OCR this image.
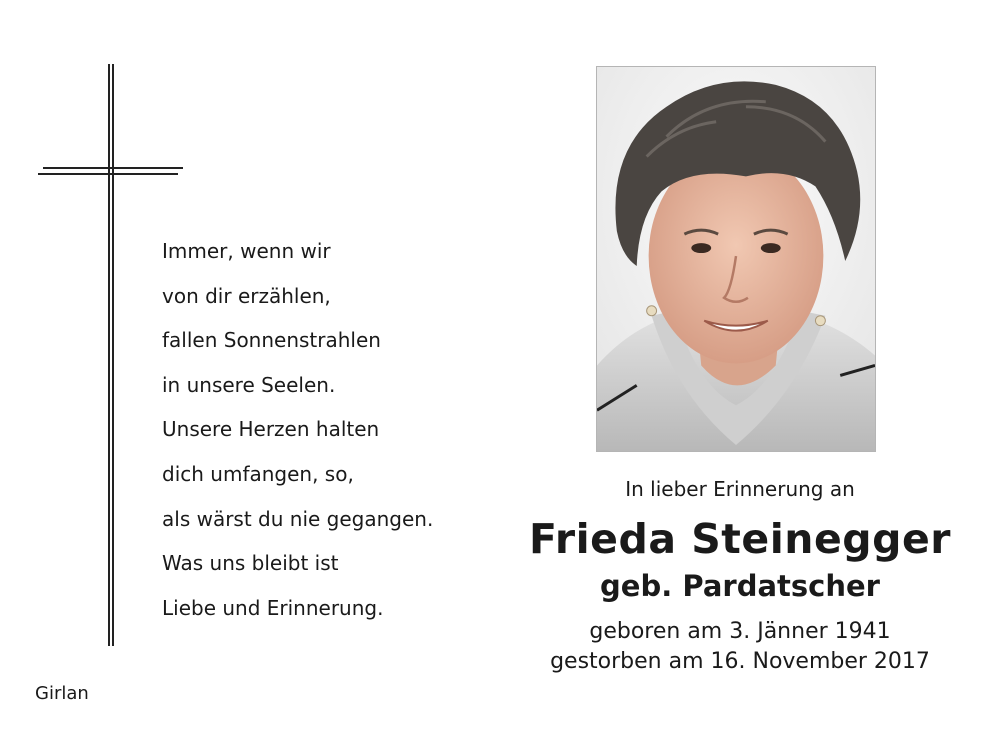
Immer, wenn wir
von dir erzählen,
fallen Sonnenstrahlen
in unsere Seelen.
Unsere Herzen halten
dich umfangen, so,
als wärst du nie gegangen.
Was uns bleibt ist
Liebe und Erinnerung.
Girlan
In lieber Erinnerung an
Frieda Steinegger
geb. Pardatscher
geboren am 3. Jänner 1941
gestorben am 16. November 2017
